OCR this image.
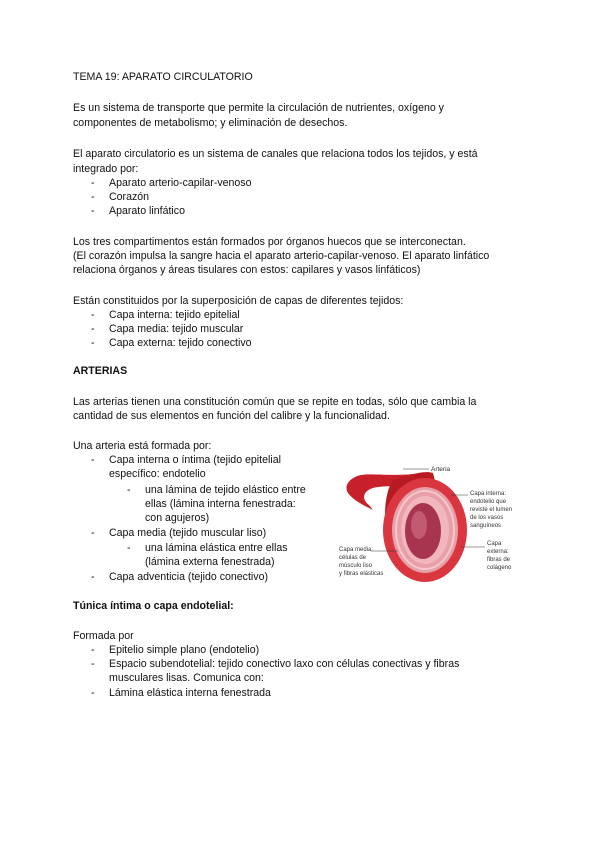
TEMA 19: APARATO CIRCULATORIO
Es un sistema de transporte que permite la circulación de nutrientes, oxígeno y
componentes de metabolismo; y eliminación de desechos.
El aparato circulatorio es un sistema de canales que relaciona todos los tejidos, y está
integrado por:
- Aparato arterio-capilar-venoso
- Corazón
- Aparato linfático
Los tres compartimentos están formados por órganos huecos que se interconectan.
(El corazón impulsa la sangre hacia el aparato arterio-capilar-venoso. El aparato linfático
relaciona órganos y áreas tisulares con estos: capilares y vasos linfáticos)
Están constituidos por la superposición de capas de diferentes tejidos:
- Capa interna: tejido epitelial
- Capa media: tejido muscular
- Capa externa: tejido conectivo
ARTERIAS
Las arterias tienen una constitución común que se repite en todas, sólo que cambia la
cantidad de sus elementos en función del calibre y la funcionalidad.
Una arteria está formada por:
- Capa interna o íntima (tejido epitelial
específico: endotelio
- una lámina de tejido elástico entre
ellas (lámina interna fenestrada:
con agujeros)
- Capa media (tejido muscular liso)
- una lámina elástica entre ellas
(lámina externa fenestrada)
- Capa adventicia (tejido conectivo)
Arteria
Capa interna:
endotelio que
reviste el lumen
de los vasos
sanguíneos
Capa
externa:
fibras de
colágeno
Capa media:
células de
músculo liso
y fibras elásticas
Túnica íntima o capa endotelial:
Formada por
- Epitelio simple plano (endotelio)
- Espacio subendotelial: tejido conectivo laxo con células conectivas y fibras
musculares lisas. Comunica con:
- Lámina elástica interna fenestrada
